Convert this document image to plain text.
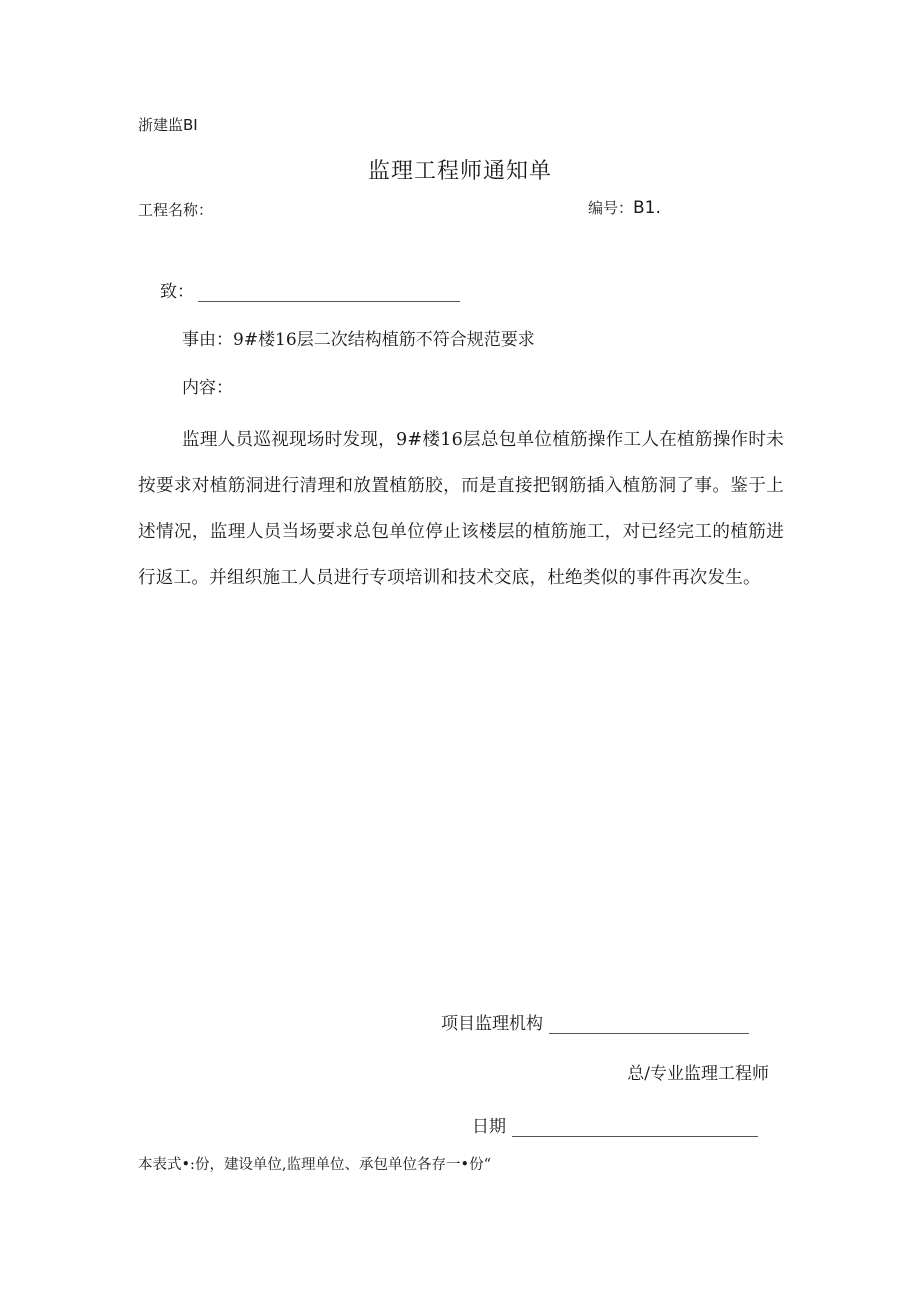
浙建监BI
监理工程师通知单
工程名称：	编号：B1.
致：
事由：9#楼16层二次结构植筋不符合规范要求
内容：
监理人员巡视现场时发现，9#楼16层总包单位植筋操作工人在植筋操作时未按要求对植筋洞进行清理和放置植筋胶，而是直接把钢筋插入植筋洞了事。鉴于上述情况，监理人员当场要求总包单位停止该楼层的植筋施工，对已经完工的植筋进行返工。并组织施工人员进行专项培训和技术交底，杜绝类似的事件再次发生。
项目监理机构
总/专业监理工程师
日期
本表式•:份，建设单位,监理单位、承包单位各存一•份“
